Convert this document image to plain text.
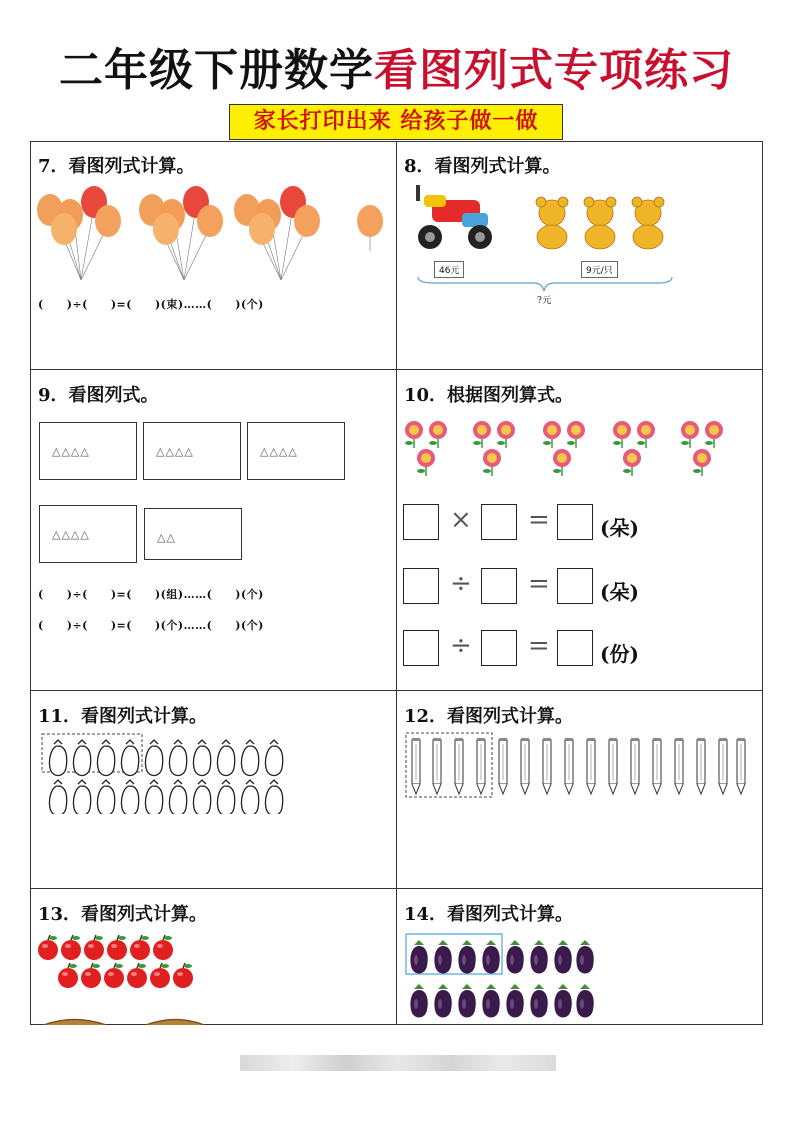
二年级下册数学看图列式专项练习
家长打印出来 给孩子做一做
7．看图列式计算。
(　　)÷(　　)=(　　)(束)……(　　)(个)
8．看图列式计算。
46元	9元/只
?元
9．看图列式。
△△△△	△△△△	△△△△
△△△△	△△
(　　)÷(　　)=(　　)(组)……(　　)(个)
(　　)÷(　　)=(　　)(个)……(　　)(个)
10．根据图列算式。
× =	(朵)
÷ =	(朵)
÷ =	(份)
11．看图列式计算。	12．看图列式计算。
13．看图列式计算。	14．看图列式计算。
